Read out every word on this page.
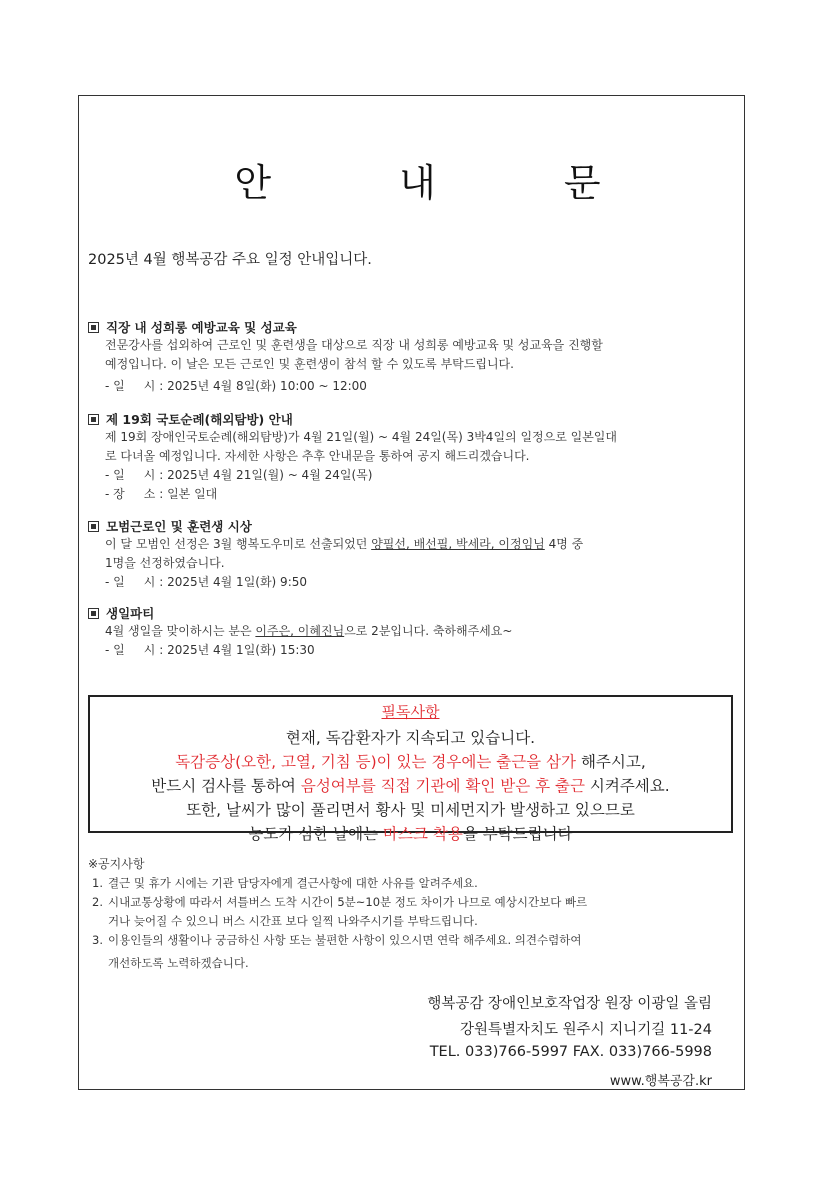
안 내 문
2025년 4월 행복공감 주요 일정 안내입니다.
직장 내 성희롱 예방교육 및 성교육
전문강사를 섭외하여 근로인 및 훈련생을 대상으로 직장 내 성희롱 예방교육 및 성교육을 진행할
예정입니다. 이 날은 모든 근로인 및 훈련생이 참석 할 수 있도록 부탁드립니다.
- 일     시 : 2025년 4월 8일(화) 10:00 ~ 12:00
제 19회 국토순례(해외탐방) 안내
제 19회 장애인국토순례(해외탐방)가 4월 21일(월) ~ 4월 24일(목) 3박4일의 일정으로 일본일대
로 다녀올 예정입니다. 자세한 사항은 추후 안내문을 통하여 공지 해드리겠습니다.
- 일     시 : 2025년 4월 21일(월) ~ 4월 24일(목)
- 장     소 : 일본 일대
모범근로인 및 훈련생 시상
이 달 모범인 선정은 3월 행복도우미로 선출되었던 양필선, 배선필, 박세라, 이정임님 4명 중
1명을 선정하였습니다.
- 일     시 : 2025년 4월 1일(화) 9:50
생일파티
4월 생일을 맞이하시는 분은 이주은, 이혜진님으로 2분입니다. 축하해주세요~
- 일     시 : 2025년 4월 1일(화) 15:30
필독사항
현재, 독감환자가 지속되고 있습니다.
독감증상(오한, 고열, 기침 등)이 있는 경우에는 출근을 삼가 해주시고,
반드시 검사를 통하여 음성여부를 직접 기관에 확인 받은 후 출근 시켜주세요.
또한, 날씨가 많이 풀리면서 황사 및 미세먼지가 발생하고 있으므로
농도가 심한 날에는 마스크 착용을 부탁드립니다
※공지사항
1. 결근 및 휴가 시에는 기관 담당자에게 결근사항에 대한 사유를 알려주세요.
2. 시내교통상황에 따라서 셔틀버스 도착 시간이 5분~10분 정도 차이가 나므로 예상시간보다 빠르
거나 늦어질 수 있으니 버스 시간표 보다 일찍 나와주시기를 부탁드립니다.
3. 이용인들의 생활이나 궁금하신 사항 또는 불편한 사항이 있으시면 연락 해주세요. 의견수렴하여
개선하도록 노력하겠습니다.
행복공감 장애인보호작업장 원장 이광일 올림
강원특별자치도 원주시 지니기길 11-24
TEL. 033)766-5997 FAX. 033)766-5998
www.행복공감.kr
